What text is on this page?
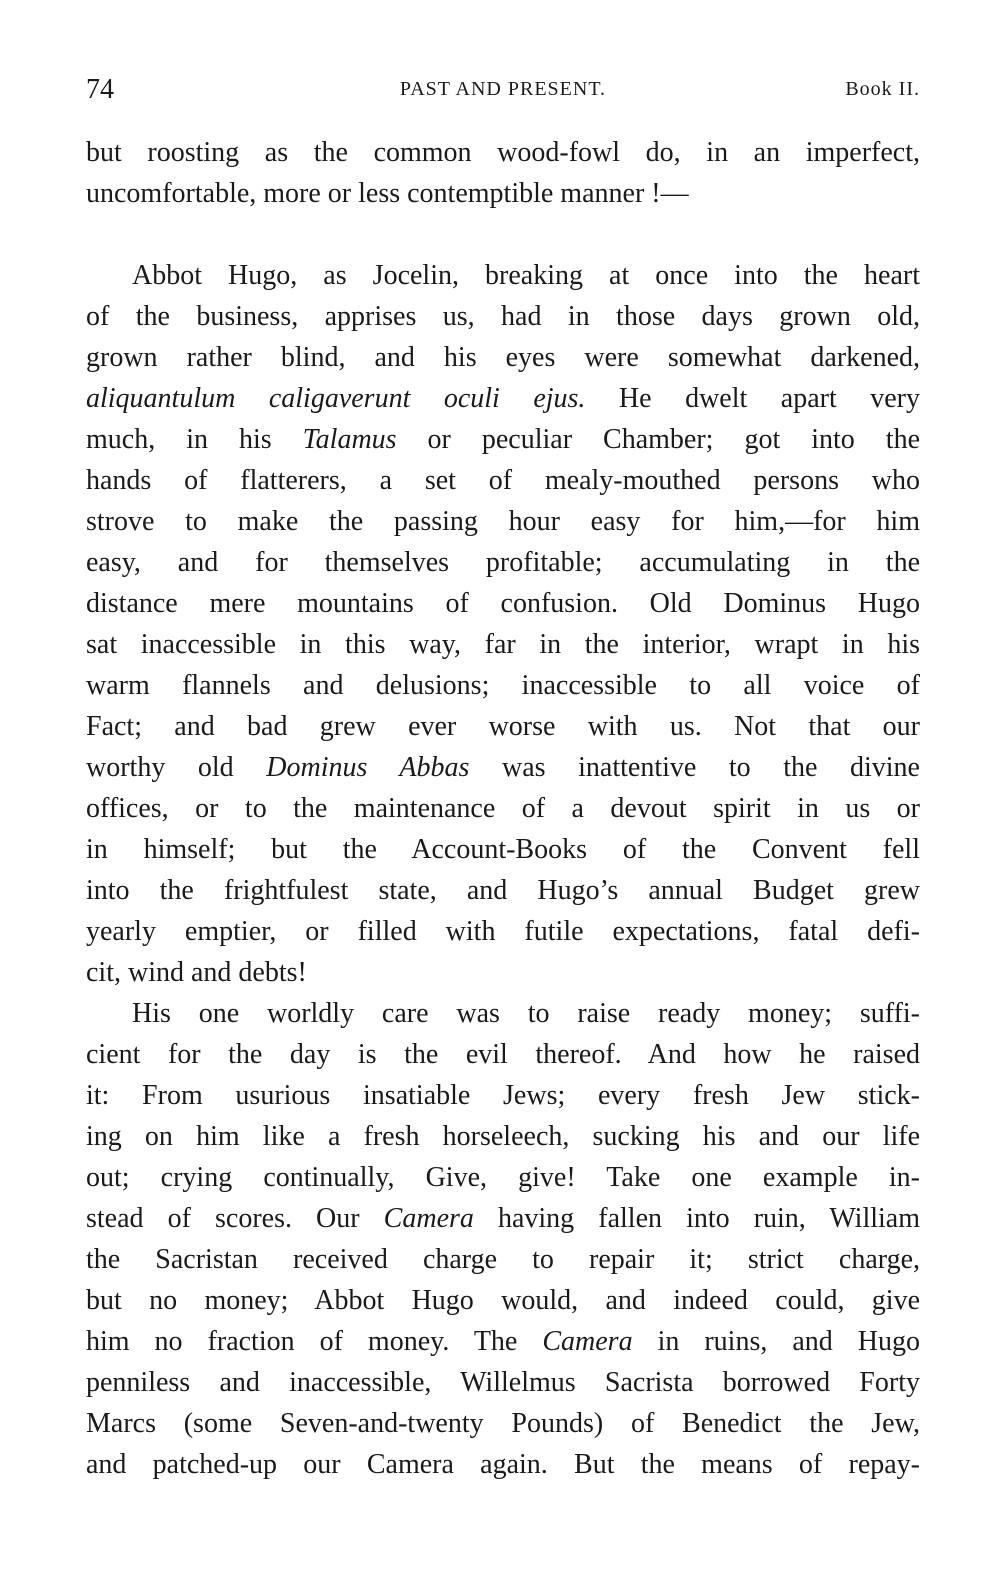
74	PAST AND PRESENT.	Book II.
but roosting as the common wood-fowl do, in an imperfect,
uncomfortable, more or less contemptible manner !—
Abbot Hugo, as Jocelin, breaking at once into the heart
of the business, apprises us, had in those days grown old,
grown rather blind, and his eyes were somewhat darkened,
aliquantulum caligaverunt oculi ejus. He dwelt apart very
much, in his Talamus or peculiar Chamber; got into the
hands of flatterers, a set of mealy-mouthed persons who
strove to make the passing hour easy for him,—for him
easy, and for themselves profitable; accumulating in the
distance mere mountains of confusion. Old Dominus Hugo
sat inaccessible in this way, far in the interior, wrapt in his
warm flannels and delusions; inaccessible to all voice of
Fact; and bad grew ever worse with us. Not that our
worthy old Dominus Abbas was inattentive to the divine
offices, or to the maintenance of a devout spirit in us or
in himself; but the Account-Books of the Convent fell
into the frightfulest state, and Hugo’s annual Budget grew
yearly emptier, or filled with futile expectations, fatal defi-
cit, wind and debts!
His one worldly care was to raise ready money; suffi-
cient for the day is the evil thereof. And how he raised
it: From usurious insatiable Jews; every fresh Jew stick-
ing on him like a fresh horseleech, sucking his and our life
out; crying continually, Give, give! Take one example in-
stead of scores. Our Camera having fallen into ruin, William
the Sacristan received charge to repair it; strict charge,
but no money; Abbot Hugo would, and indeed could, give
him no fraction of money. The Camera in ruins, and Hugo
penniless and inaccessible, Willelmus Sacrista borrowed Forty
Marcs (some Seven-and-twenty Pounds) of Benedict the Jew,
and patched-up our Camera again. But the means of repay-
